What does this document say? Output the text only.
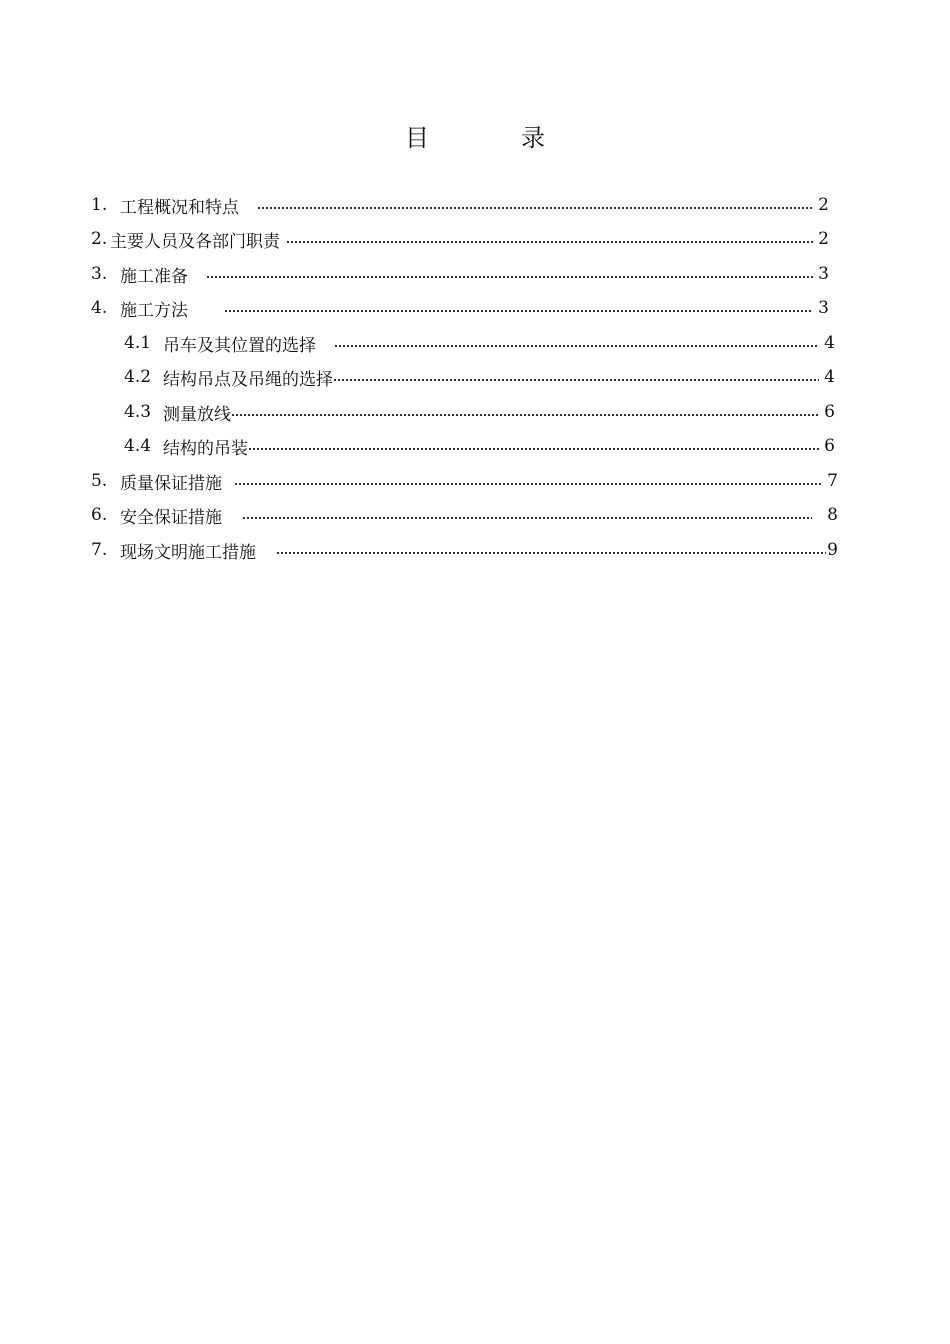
目　录
1. 工程概况和特点	2
2. 主要人员及各部门职责	2
3. 施工准备	3
4. 施工方法	3
4.1 吊车及其位置的选择	4
4.2 结构吊点及吊绳的选择	4
4.3 测量放线	6
4.4 结构的吊装	6
5. 质量保证措施	7
6. 安全保证措施	8
7. 现场文明施工措施	9
